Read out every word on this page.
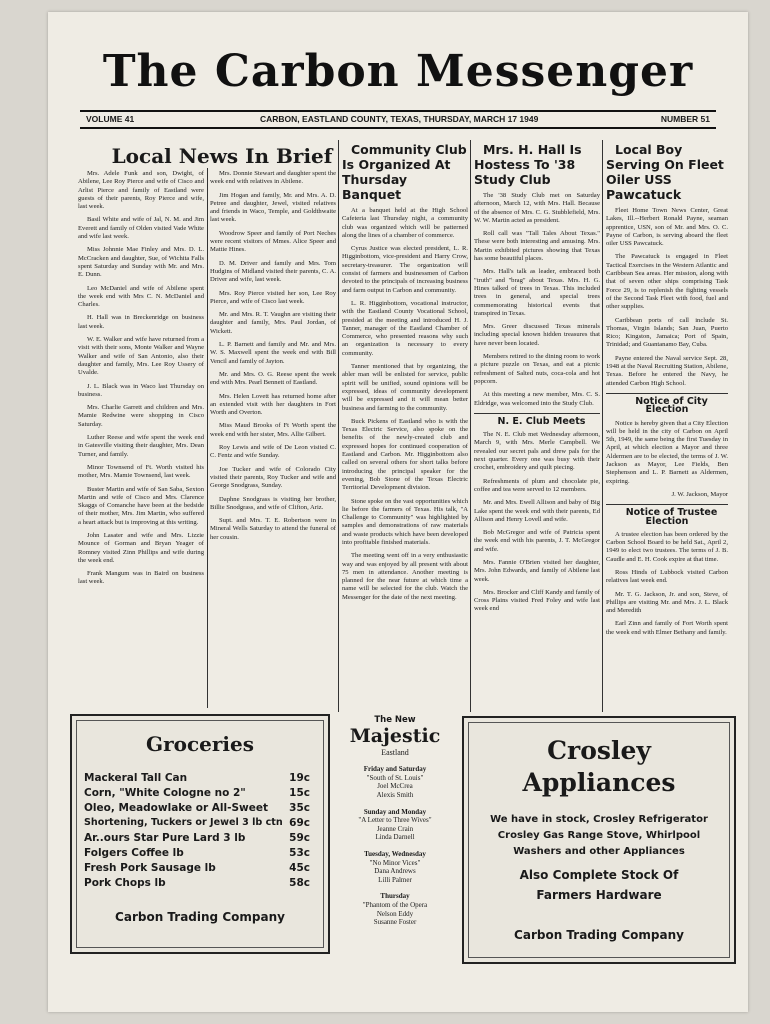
The Carbon Messenger
VOLUME 41	CARBON, EASTLAND COUNTY, TEXAS, THURSDAY, MARCH 17 1949	NUMBER 51
Local News In Brief

Mrs. Adele Funk and son, Dwight, of Abilene, Lee Roy Pierce and wife of Cisco and Arlist Pierce and family of Eastland were guests of their parents, Roy Pierce and wife, last week.

Basil White and wife of Jal, N. M. and Jim Everett and family of Olden visited Vade White and wife last week.

Miss Johnnie Mae Finley and Mrs. D. L. McCracken and daughter, Sue, of Wichita Falls spent Saturday and Sunday with Mr. and Mrs. E. Dunn.

Leo McDaniel and wife of Abilene spent the week end with Mrs C. N. McDaniel and Charles.

H. Hall was in Breckenridge on business last week.

W. E. Walker and wife have returned from a visit with their sons, Monte Walker and Wayne Walker and wife of San Antonio, also their daughter and family, Mrs. Lee Roy Ussery of Uvalde.

J. L. Black was in Waco last Thursday on business.

Mrs. Charlie Garrett and children and Mrs. Mamie Redwine were shopping in Cisco Saturday.

Luther Reese and wife spent the week end in Gatesville visiting their daughter, Mrs. Dean Turner, and family.

Minor Townsend of Ft. Worth visited his mother, Mrs. Mamie Townsend, last week.

Buster Martin and wife of San Saba, Sexton Martin and wife of Cisco and Mrs. Clarence Skaggs of Comanche have been at the bedside of their mother, Mrs. Jim Martin, who suffered a heart attack but is improving at this writing.

John Lasater and wife and Mrs. Lizzie Mounce of Gorman and Bryan Yeager of Romney visited Zinn Phillips and wife during the week end.

Frank Mangum was in Baird on business last week.

Mrs. Donnie Stewart and daughter spent the week end with relatives in Abilene.

Jim Hogan and family, Mr. and Mrs. A. D. Petree and daughter, Jewel, visited relatives and friends in Waco, Temple, and Goldthwaite last week.

Woodrow Speer and family of Port Neches were recent visitors of Mmes. Alice Speer and Mattie Hines.

D. M. Driver and family and Mrs. Tom Hudgins of Midland visited their parents, C. A. Driver and wife, last week.

Mrs. Roy Pierce visited her son, Lee Roy Pierce, and wife of Cisco last week.

Mr. and Mrs. R. T. Vaughn are visiting their daughter and family, Mrs. Paul Jordan, of Wickett.

L. P. Barnett and family and Mr. and Mrs. W. S. Maxwell spent the week end with Bill Vencil and family of Jayton.

Mr. and Mrs. O. G. Reese spent the week end with Mrs. Pearl Bennett of Eastland.

Mrs. Helen Lovett has returned home after an extended visit with her daughters in Fort Worth and Overton.

Miss Maud Brooks of Ft Worth spent the week end with her sister, Mrs. Allie Gilbert.

Roy Lewis and wife of De Leon visited C. C. Fentz and wife Sunday.

Joe Tucker and wife of Colorado City visited their parents, Roy Tucker and wife and George Snodgrass, Sunday.

Daphne Snodgrass is visiting her brother, Billie Snodgrass, and wife of Clifton, Ariz.

Supt. and Mrs. T. E. Robertson were in Mineral Wells Saturday to attend the funeral of her cousin.

Community Club Is Organized At Thursday Banquet

At a banquet held at the High School Cafeteria last Thursday night, a community club was organized which will be patterned along the lines of a chamber of commerce.

Cyrus Justice was elected president, L. R. Higginbottom, vice-president and Harry Crow, secretary-treasurer. The organization will consist of farmers and businessmen of Carbon devoted to the principals of increasing business and farm output in Carbon and community.

L. R. Higginbottom, vocational instructor, with the Eastland County Vocational School, presided at the meeting and introduced H. J. Tanner, manager of the Eastland Chamber of Commerce, who presented reasons why such an organization is necessary to every community.

Tanner mentioned that by organizing, the abler man will be enlisted for service, public spirit will be unified, sound opinions will be expressed, ideas of community development will be expressed and it will mean better business and farming to the community.

Buck Pickens of Eastland who is with the Texas Electric Service, also spoke on the benefits of the newly-created club and expressed hopes for continued cooperation of Eastland and Carbon. Mr. Higginbottom also called on several others for short talks before introducing the principal speaker for the evening, Bob Stone of the Texas Electric Territorial Development division.

Stone spoke on the vast opportunities which lie before the farmers of Texas. His talk, "A Challenge to Community" was highlighted by samples and demonstrations of raw materials and waste products which have been developed into profitable finished materials.

The meeting went off in a very enthusiastic way and was enjoyed by all present with about 75 men in attendance. Another meeting is planned for the near future at which time a name will be selected for the club. Watch the Messenger for the date of the next meeting.

Mrs. H. Hall Is Hostess To '38 Study Club

The '38 Study Club met on Saturday afternoon, March 12, with Mrs. Hall. Because of the absence of Mrs. C. G. Stubblefield, Mrs. W. W. Martin acted as president.

Roll call was "Tall Tales About Texas." These were both interesting and amusing. Mrs. Martin exhibited pictures showing that Texas has some beautiful places.

Mrs. Hall's talk as leader, embraced both "truth" and "brag" about Texas. Mrs. H. G. Hines talked of trees in Texas. This included trees in general, and special trees commemorating historical events that transpired in Texas.

Mrs. Greer discussed Texas minerals including special known hidden treasures that have never been located.

Members retired to the dining room to work a picture puzzle on Texas, and eat a picnic refreshment of Salted nuts, coca-cola and hot popcorn.

At this meeting a new member, Mrs. C. S. Eldridge, was welcomed into the Study Club.

N. E. Club Meets

The N. E. Club met Wednesday afternoon, March 9, with Mrs. Merle Campbell. We revealed our secret pals and drew pals for the next quarter. Every one was busy with their crochet, embroidery and quilt piecing.

Refreshments of plum and chocolate pie, coffee and tea were served to 12 members.

Mr. and Mrs. Ewell Allison and baby of Big Lake spent the week end with their parents, Ed Allison and Henry Lovell and wife.

Bob McGregor and wife of Patricia spent the week end with his parents, J. T. McGregor and wife.

Mrs. Fannie O'Brien visited her daughter, Mrs. John Edwards, and family of Abilene last week.

Mrs. Brocker and Cliff Kandy and family of Cross Plains visited Fred Foley and wife last week end

Local Boy Serving On Fleet Oiler USS Pawcatuck

Fleet Home Town News Center, Great Lakes, Ill.--Herbert Ronald Payne, seaman apprentice, USN, son of Mr. and Mrs. O. C. Payne of Carbon, is serving aboard the fleet oiler USS Pawcatuck.

The Pawcatuck is engaged in Fleet Tactical Exercises in the Western Atlantic and Caribbean Sea areas. Her mission, along with that of seven other ships comprising Task Force 29, is to replenish the fighting vessels of the Second Task Fleet with food, fuel and other supplies.

Caribbean ports of call include St. Thomas, Virgin Islands; San Juan, Puerto Rico; Kingston, Jamaica; Port of Spain, Trinidad; and Guantanamo Bay, Cuba.

Payne entered the Naval service Sept. 28, 1948 at the Naval Recruiting Station, Abilene, Texas. Before he entered the Navy, he attended Carbon High School.

Notice of City Election

Notice is hereby given that a City Election will be held in the city of Carbon on April 5th, 1949, the same being the first Tuesday in April, at which election a Mayor and three Aldermen are to be elected, the terms of J. W. Jackson as Mayor, Lee Fields, Ben Stephenson and L. P. Barnett as Aldermen, expiring.

J. W. Jackson, Mayor

Notice of Trustee Election

A trustee election has been ordered by the Carbon School Board to be held Sat., April 2, 1949 to elect two trustees. The terms of J. B. Caudle and E. H. Cook expire at that time.

Ross Hinds of Lubbock visited Carbon relatives last week end.

Mr. T. G. Jackson, Jr. and son, Steve, of Phillips are visiting Mr. and Mrs. J. L. Black and Meredith

Earl Zinn and family of Fort Worth spent the week end with Elmer Bethany and family.

Groceries
Mackeral Tall Can	19c
Corn, "White Cologne no 2"	15c
Oleo, Meadowlake or All-Sweet 35c
Shortening, Tuckers or Jewel 3 lb ctn 69c
Ar..ours Star Pure Lard 3 lb	59c
Folgers Coffee lb	53c
Fresh Pork Sausage lb	45c
Pork Chops lb	58c
Carbon Trading Company
The New
Majestic
Eastland
Friday and Saturday
"South of St. Louis"
Joel McCrea
Alexis Smith
Sunday and Monday
"A Letter to Three Wives"
Jeanne Crain
Linda Darnell
Tuesday, Wednesday
"No Minor Vices"
Dana Andrews
Lilli Palmer
Thursday
"Phantom of the Opera
Nelson Eddy
Susanne Foster
Crosley
Appliances
We have in stock, Crosley Refrigerator
Crosley Gas Range Stove, Whirlpool
Washers and other Appliances
Also Complete Stock Of
Farmers Hardware
Carbon Trading Company
